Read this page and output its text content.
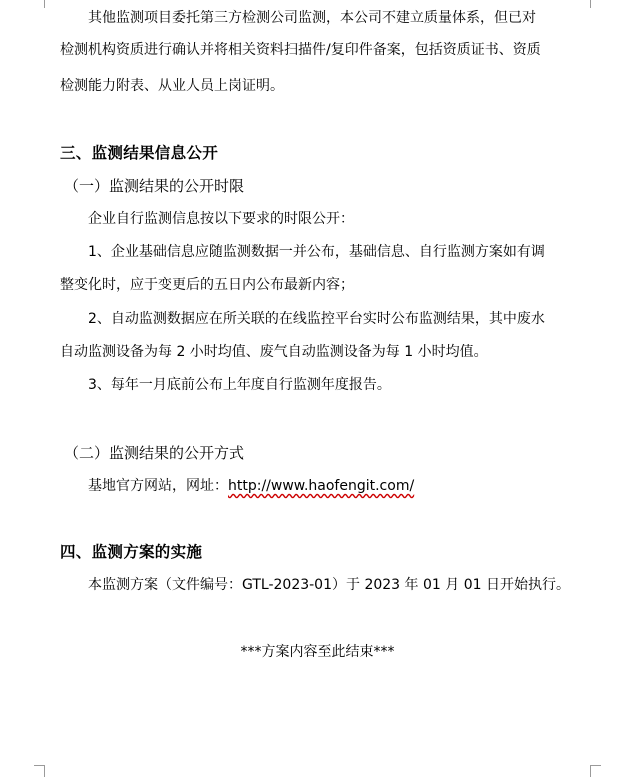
其他监测项目委托第三方检测公司监测，本公司不建立质量体系，但已对
检测机构资质进行确认并将相关资料扫描件/复印件备案，包括资质证书、资质
检测能力附表、从业人员上岗证明。
三、监测结果信息公开
（一）监测结果的公开时限
企业自行监测信息按以下要求的时限公开：
1、企业基础信息应随监测数据一并公布，基础信息、自行监测方案如有调
整变化时，应于变更后的五日内公布最新内容；
2、自动监测数据应在所关联的在线监控平台实时公布监测结果，其中废水
自动监测设备为每 2 小时均值、废气自动监测设备为每 1 小时均值。
3、每年一月底前公布上年度自行监测年度报告。
（二）监测结果的公开方式
基地官方网站，网址：http://www.haofengit.com/
四、监测方案的实施
本监测方案（文件编号：GTL-2023-01）于 2023 年 01 月 01 日开始执行。
***方案内容至此结束***
